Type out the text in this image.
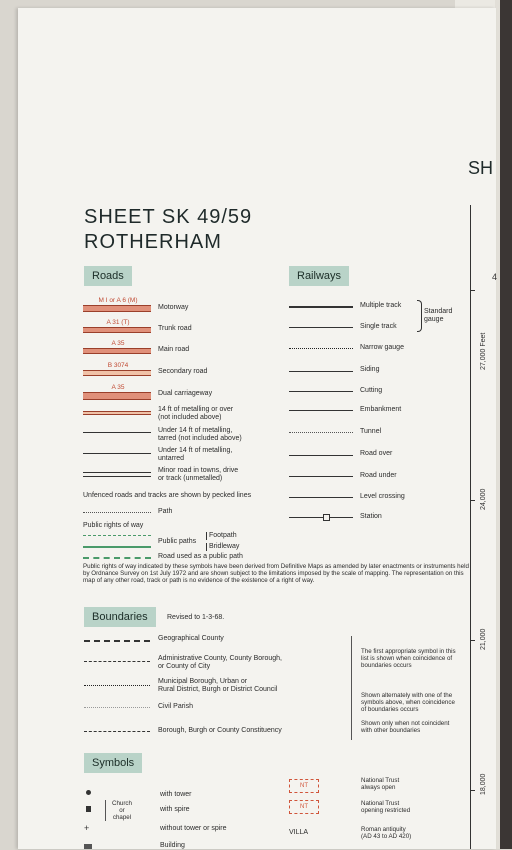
SH
4
27,000 Feet
24,000
21,000
18,000
SHEET SK 49/59
ROTHERHAM
Roads
M I or A 6 (M)
Motorway
A 31 (T)
Trunk road
A 35
Main road
B 3074
Secondary road
A 35
Dual carriageway
14 ft of metalling or over
(not included above)
Under 14 ft of metalling,
tarred (not included above)
Under 14 ft of metalling,
untarred
Minor road in towns, drive
or track (unmetalled)
Unfenced roads and tracks are shown by pecked lines
Path
Public rights of way
Public paths
Footpath
Bridleway
Road used as a public path
Public rights of way indicated by these symbols have been derived from Definitive Maps as amended by later enactments or instruments held by Ordnance Survey on 1st July 1972 and are shown subject to the limitations imposed by the scale of mapping. The representation on this map of any other road, track or path is no evidence of the existence of a right of way.
Railways
Multiple track
Single track
Standard gauge
Narrow gauge
Siding
Cutting
Embankment
Tunnel
Road over
Road under
Level crossing
Station
Boundaries	Revised to 1-3-68.
Geographical County
Administrative County, County Borough,
or County of City
Municipal Borough, Urban or
Rural District, Burgh or District Council
Civil Parish
Borough, Burgh or County Constituency
The first appropriate symbol in this list is shown when coincidence of boundaries occurs
Shown alternately with one of the symbols above, when coincidence of boundaries occurs
Shown only when not coincident with other boundaries
Symbols
+
Church
or
chapel
with tower
with spire
without tower or spire
Building
NT
NT
National Trust
always open
National Trust
opening restricted
VILLA	Roman antiquity
(AD 43 to AD 420)
